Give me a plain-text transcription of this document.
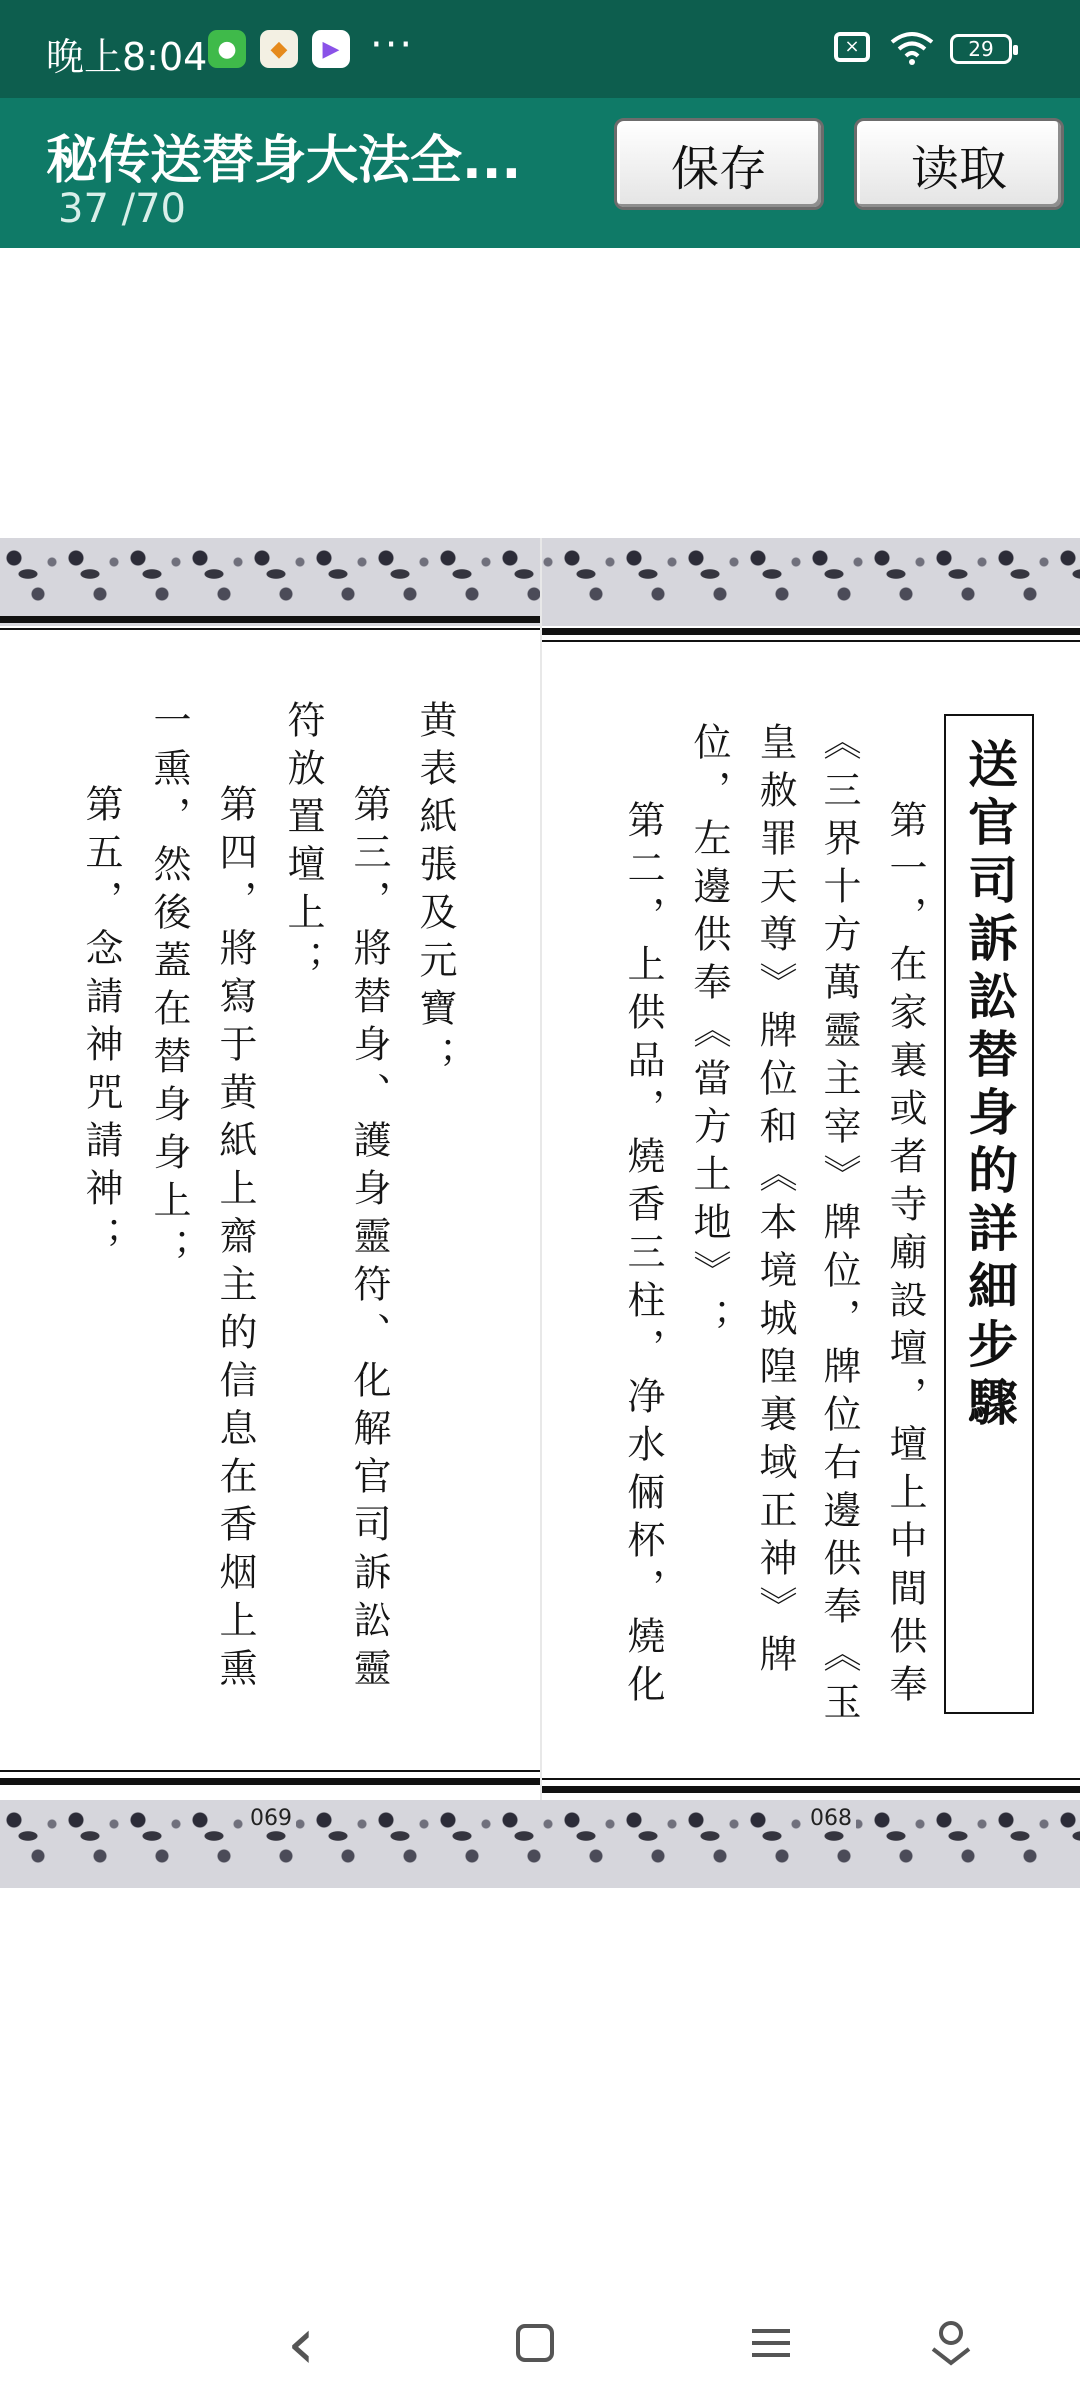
晚上8:04 ●	◆	▶ ···	×	29
秘传送替身大法全...
37 /70
保存	读取
送官司訴訟替身的詳細步驟
第一，在家裏或者寺廟設壇，壇上中間供奉
《三界十方萬靈主宰》牌位，牌位右邊供奉《玉
皇赦罪天尊》牌位和《本境城隍裏域正神》牌
位，左邊供奉《當方土地》；
第二，上供品，燒香三柱，净水倆杯，燒化
黄表紙張及元寶；
第三，將替身、護身靈符、化解官司訴訟靈
符放置壇上；
第四，將寫于黄紙上齋主的信息在香烟上熏
一熏，然後蓋在替身身上；
第五，念請神咒請神；
069	068
‹
